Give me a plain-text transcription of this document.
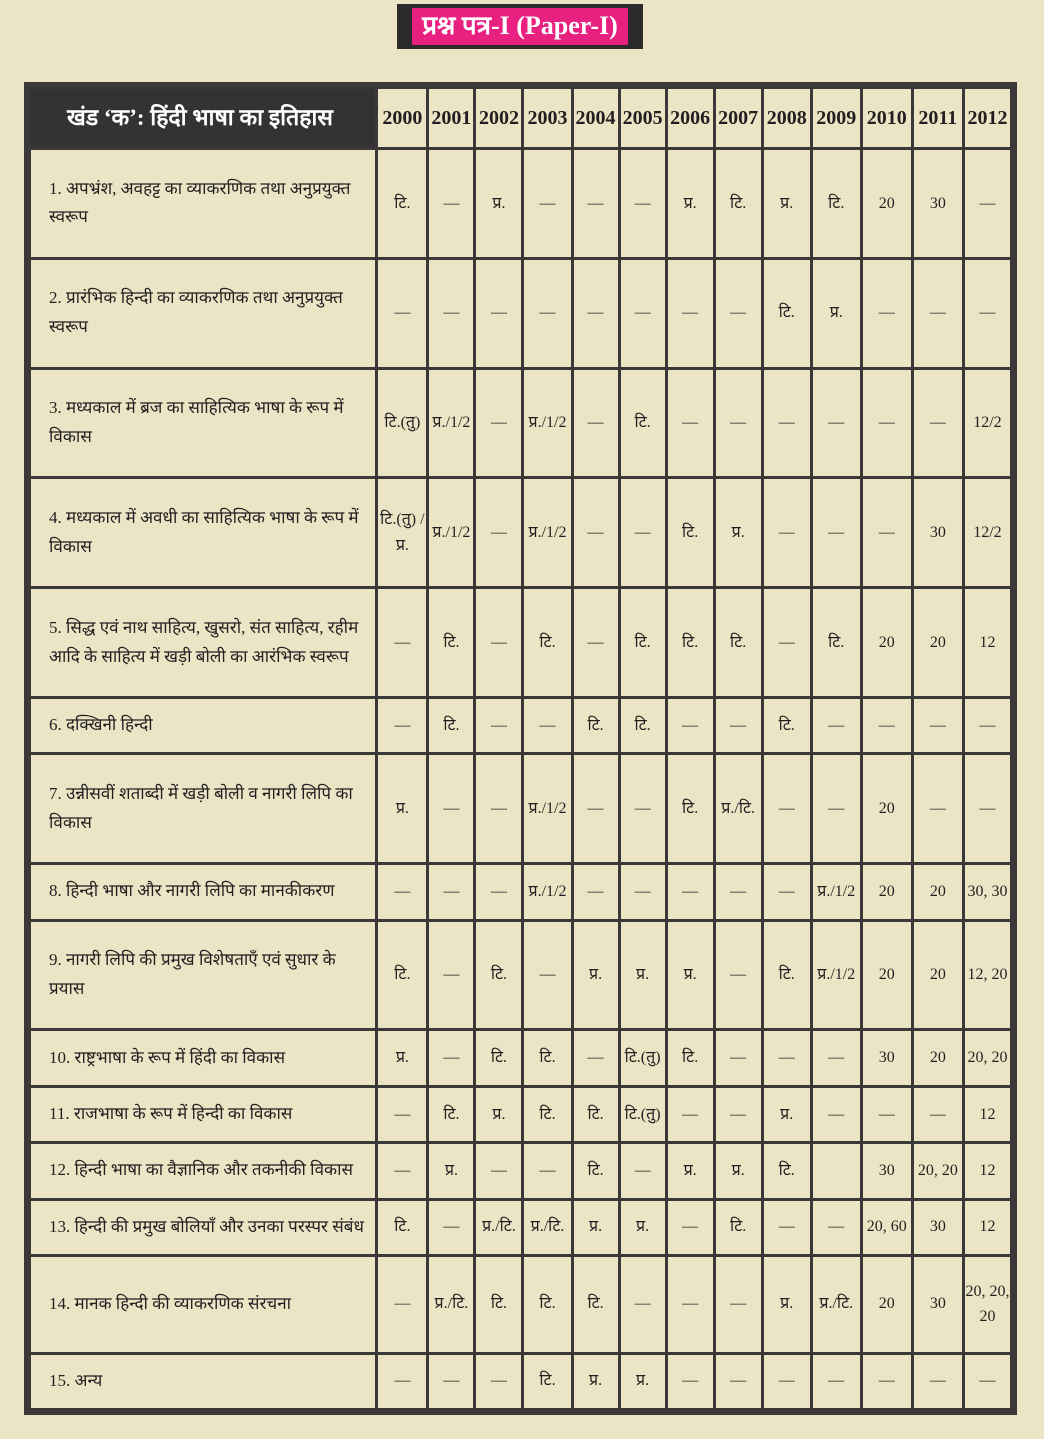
प्रश्न पत्र-I (Paper-I)
खंड ‘क’: हिंदी भाषा का इतिहास	2000	2001	2002	2003	2004	2005	2006	2007	2008	2009	2010	2011	2012
1. अपभ्रंश, अवहट्ट का व्याकरणिक तथा अनुप्रयुक्त स्वरूप	टि.	—	प्र.	—	—	—	प्र.	टि.	प्र.	टि.	20	30	—
2. प्रारंभिक हिन्दी का व्याकरणिक तथा अनुप्रयुक्त स्वरूप	—	—	—	—	—	—	—	—	टि.	प्र.	—	—	—
3. मध्यकाल में ब्रज का साहित्यिक भाषा के रूप में विकास	टि.(तु)	प्र./1/2	—	प्र./1/2	—	टि.	—	—	—	—	—	—	12/2
4. मध्यकाल में अवधी का साहित्यिक भाषा के रूप में विकास	टि.(तु) /प्र.	प्र./1/2	—	प्र./1/2	—	—	टि.	प्र.	—	—	—	30	12/2
5. सिद्ध एवं नाथ साहित्य, खुसरो, संत साहित्य, रहीम आदि के साहित्य में खड़ी बोली का आरंभिक स्वरूप	—	टि.	—	टि.	—	टि.	टि.	टि.	—	टि.	20	20	12
6. दक्खिनी हिन्दी	—	टि.	—	—	टि.	टि.	—	—	टि.	—	—	—	—
7. उन्नीसवीं शताब्दी में खड़ी बोली व नागरी लिपि का विकास	प्र.	—	—	प्र./1/2	—	—	टि.	प्र./टि.	—	—	20	—	—
8. हिन्दी भाषा और नागरी लिपि का मानकीकरण	—	—	—	प्र./1/2	—	—	—	—	—	प्र./1/2	20	20	30, 30
9. नागरी लिपि की प्रमुख विशेषताएँ एवं सुधार के प्रयास	टि.	—	टि.	—	प्र.	प्र.	प्र.	—	टि.	प्र./1/2	20	20	12, 20
10. राष्ट्रभाषा के रूप में हिंदी का विकास	प्र.	—	टि.	टि.	—	टि.(तु)	टि.	—	—	—	30	20	20, 20
11. राजभाषा के रूप में हिन्दी का विकास	—	टि.	प्र.	टि.	टि.	टि.(तु)	—	—	प्र.	—	—	—	12
12. हिन्दी भाषा का वैज्ञानिक और तकनीकी विकास	—	प्र.	—	—	टि.	—	प्र.	प्र.	टि.		30	20, 20	12
13. हिन्दी की प्रमुख बोलियाँ और उनका परस्पर संबंध	टि.	—	प्र./टि.	प्र./टि.	प्र.	प्र.	—	टि.	—	—	20, 60	30	12
14. मानक हिन्दी की व्याकरणिक संरचना	—	प्र./टि.	टि.	टि.	टि.	—	—	—	प्र.	प्र./टि.	20	30	20, 20, 20
15. अन्य	—	—	—	टि.	प्र.	प्र.	—	—	—	—	—	—	—
